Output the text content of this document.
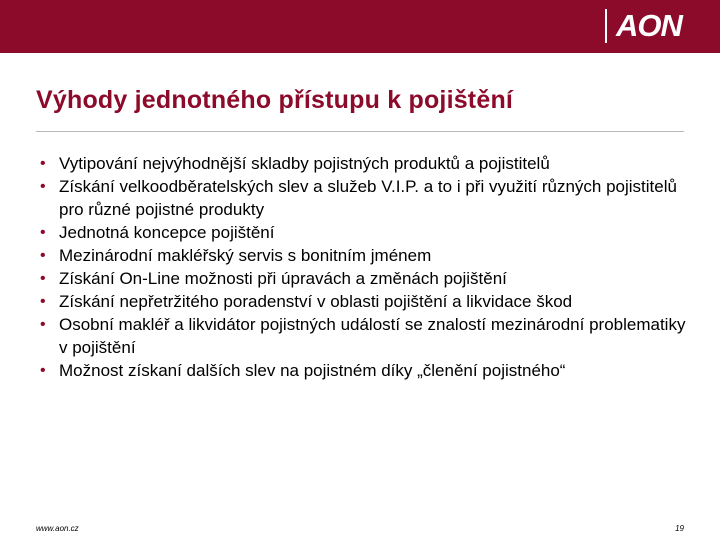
AON
Výhody jednotného přístupu k pojištění
• Vytipování nejvýhodnější skladby pojistných produktů a pojistitelů
• Získání velkoodběratelských slev a služeb V.I.P. a to i při využití různých pojistitelů pro různé pojistné produkty
• Jednotná koncepce pojištění
• Mezinárodní makléřský servis s bonitním jménem
• Získání On-Line možnosti při úpravách a změnách pojištění
• Získání nepřetržitého poradenství v oblasti pojištění a likvidace škod
• Osobní makléř a likvidátor pojistných událostí se znalostí mezinárodní problematiky v pojištění
• Možnost získaní dalších slev na pojistném díky „členění pojistného“
www.aon.cz	19
